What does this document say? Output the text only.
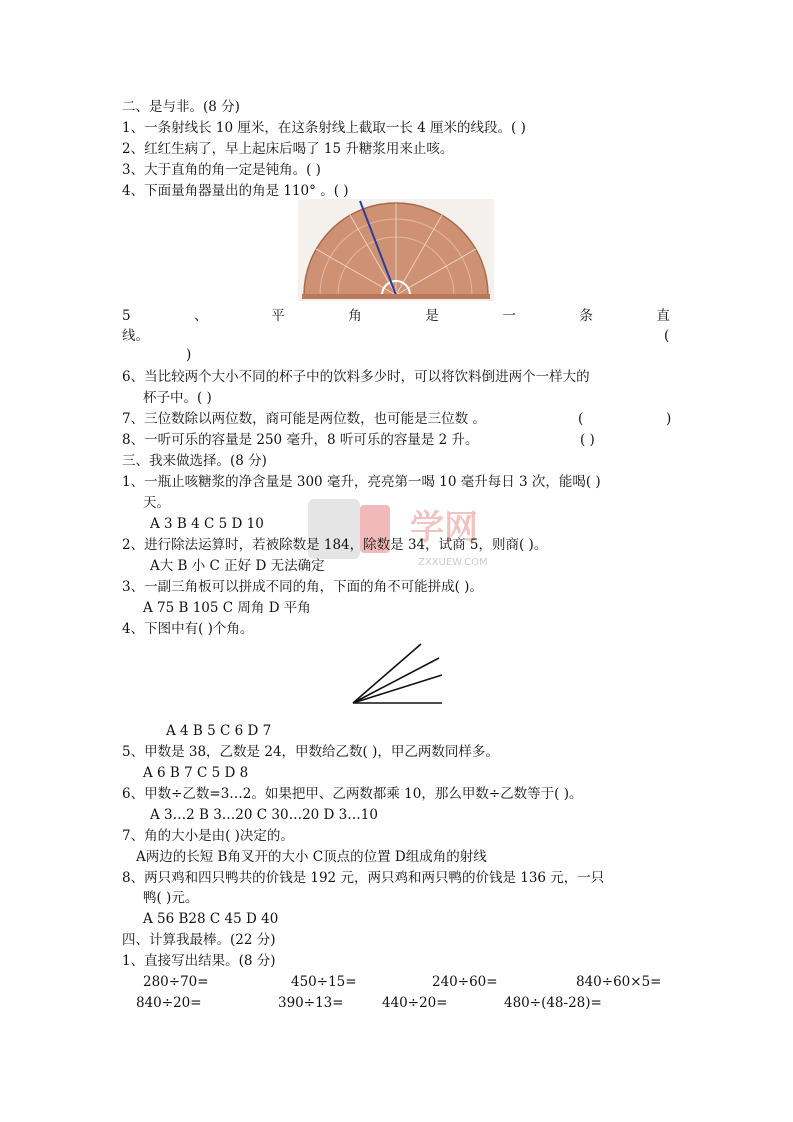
二、是与非。(8 分)
1、一条射线长 10 厘米，在这条射线上截取一长 4 厘米的线段。( )
2、红红生病了，早上起床后喝了 15 升糖浆用来止咳。
3、大于直角的角一定是钝角。( )
4、下面量角器量出的角是 110° 。( )
5	、	平	角	是	一	条	直
线。	(
)
6、当比较两个大小不同的杯子中的饮料多少时，可以将饮料倒进两个一样大的
杯子中。( )
7、三位数除以两位数，商可能是两位数，也可能是三位数 。	(	)
8、一听可乐的容量是 250 毫升，8 听可乐的容量是 2 升。	( )
三、我来做选择。(8 分)
1、一瓶止咳糖浆的净含量是 300 毫升，亮亮第一喝 10 毫升每日 3 次，能喝( )
天。
学网
ZXXUEW.COM
A 3 B 4 C 5 D 10
2、进行除法运算时，若被除数是 184，除数是 34，试商 5，则商( )。
A大 B 小 C 正好 D 无法确定
3、一副三角板可以拼成不同的角，下面的角不可能拼成( )。
A 75 B 105 C 周角 D 平角
4、下图中有( )个角。
A 4 B 5 C 6 D 7
5、甲数是 38，乙数是 24，甲数给乙数( )，甲乙两数同样多。
A 6 B 7 C 5 D 8
6、甲数÷乙数=3…2。如果把甲、乙两数都乘 10，那么甲数÷乙数等于( )。
A 3…2 B 3…20 C 30…20 D 3…10
7、角的大小是由( )决定的。
A两边的长短 B角叉开的大小 C顶点的位置 D组成角的射线
8、两只鸡和四只鸭共的价钱是 192 元，两只鸡和两只鸭的价钱是 136 元，一只
鸭( )元。
A 56 B28 C 45 D 40
四、计算我最棒。(22 分)
1、直接写出结果。(8 分)
280÷70=	450÷15=	240÷60=	840÷60×5=
840÷20=	390÷13=	440÷20=	480÷(48-28)=
